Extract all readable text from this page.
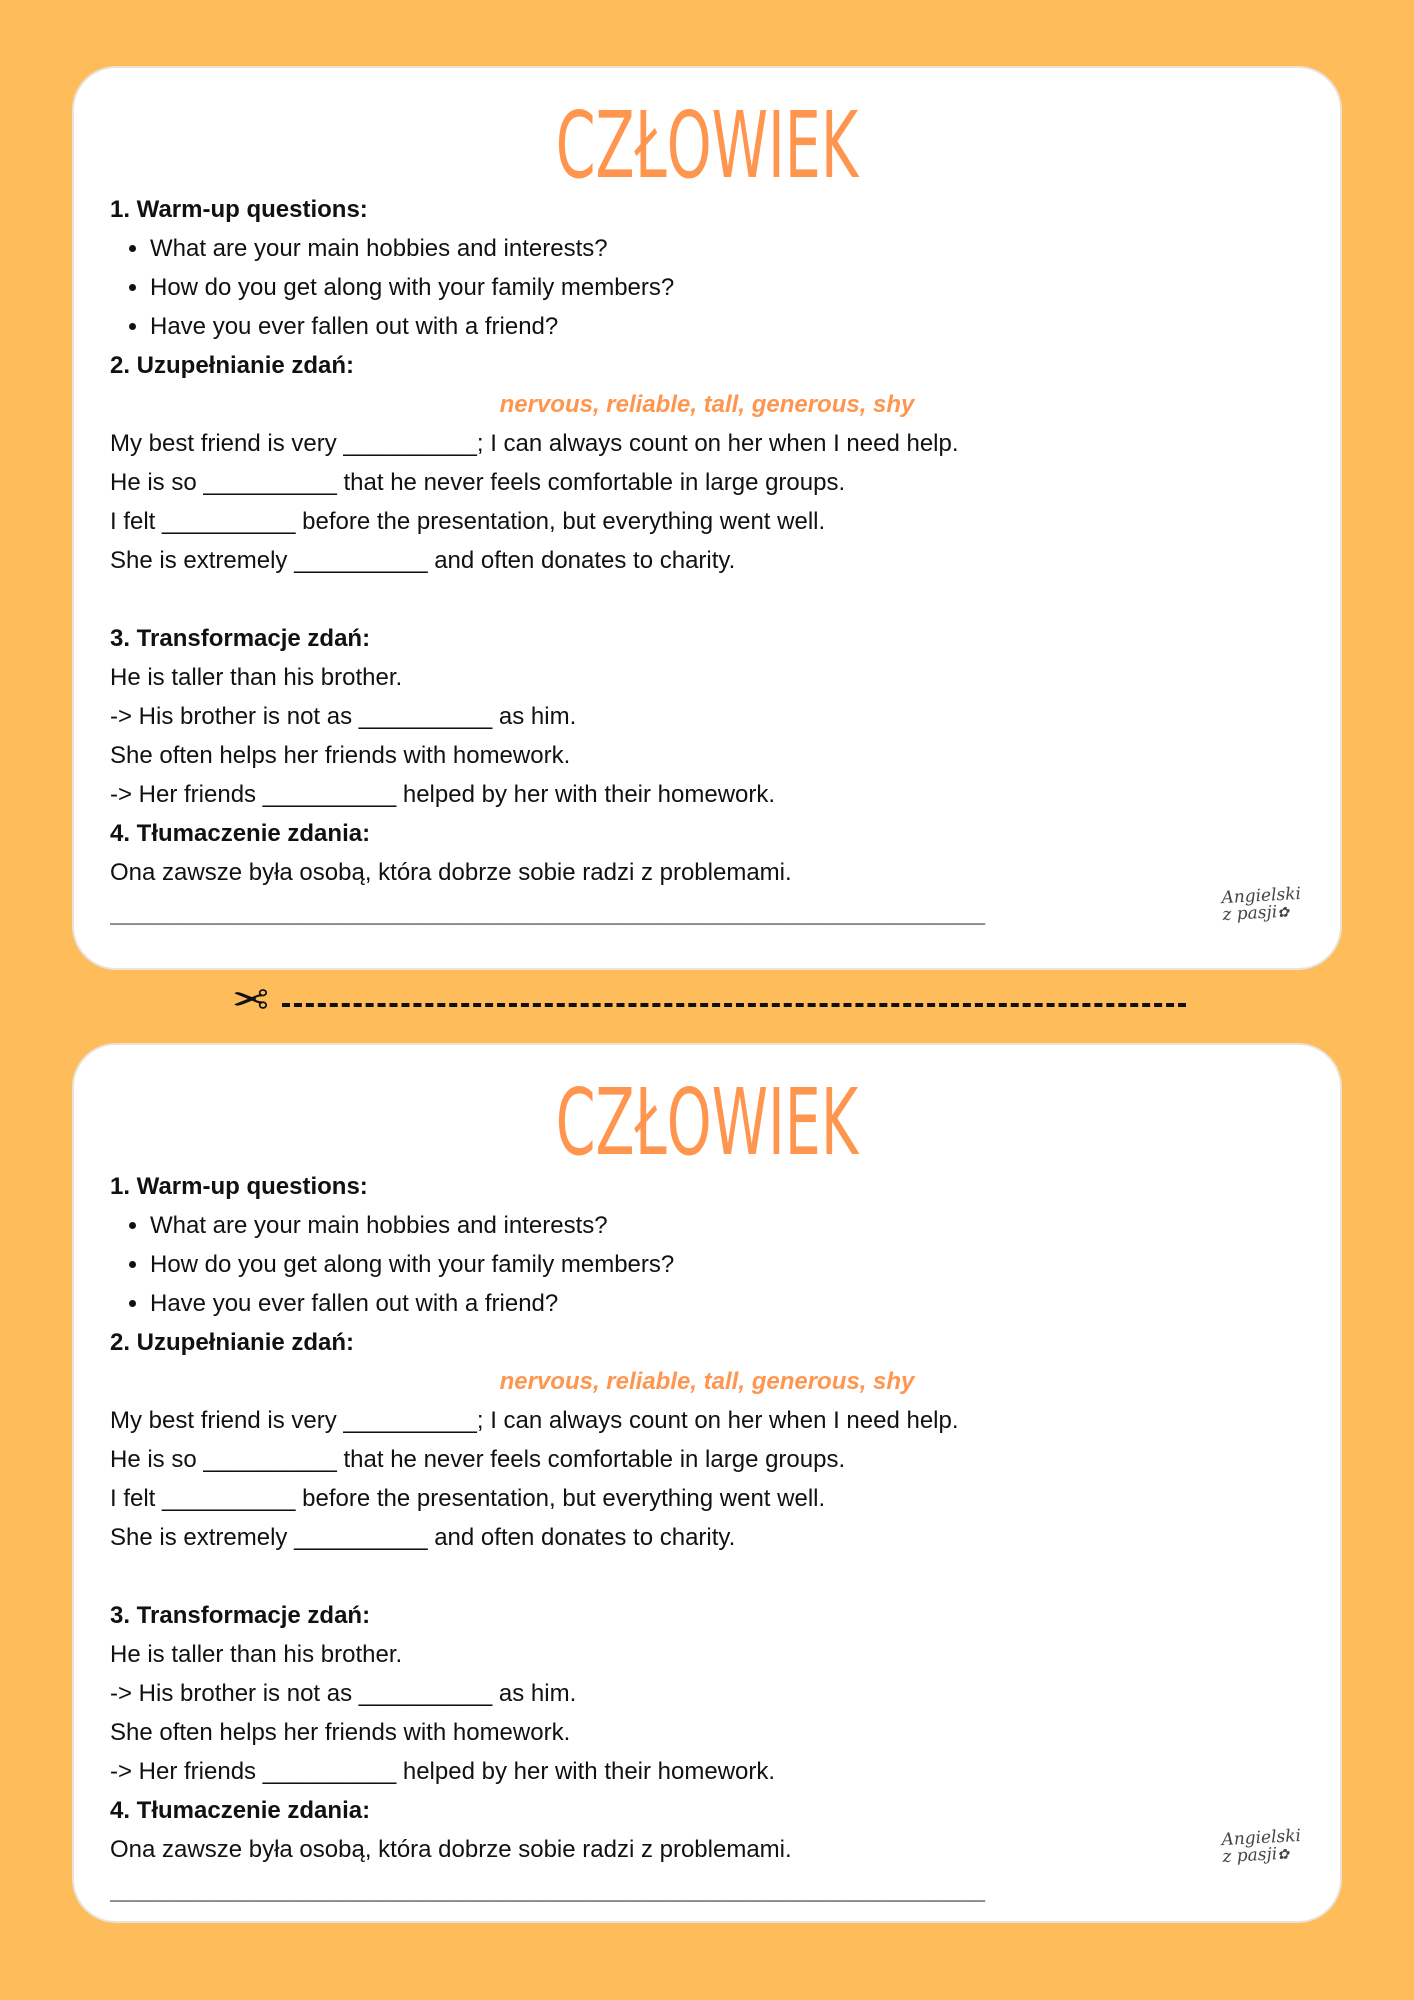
CZŁOWIEK
1. Warm-up questions:
• What are your main hobbies and interests?
• How do you get along with your family members?
• Have you ever fallen out with a friend?
2. Uzupełnianie zdań:
nervous, reliable, tall, generous, shy
My best friend is very __________; I can always count on her when I need help.
He is so __________ that he never feels comfortable in large groups.
I felt __________ before the presentation, but everything went well.
She is extremely __________ and often donates to charity.
3. Transformacje zdań:
He is taller than his brother.
-> His brother is not as __________ as him.
She often helps her friends with homework.
-> Her friends __________ helped by her with their homework.
4. Tłumaczenie zdania:
Ona zawsze była osobą, która dobrze sobie radzi z problemami.
_________________________________________________________________
Angielski
z pasji✿
✂
CZŁOWIEK
1. Warm-up questions:
• What are your main hobbies and interests?
• How do you get along with your family members?
• Have you ever fallen out with a friend?
2. Uzupełnianie zdań:
nervous, reliable, tall, generous, shy
My best friend is very __________; I can always count on her when I need help.
He is so __________ that he never feels comfortable in large groups.
I felt __________ before the presentation, but everything went well.
She is extremely __________ and often donates to charity.
3. Transformacje zdań:
He is taller than his brother.
-> His brother is not as __________ as him.
She often helps her friends with homework.
-> Her friends __________ helped by her with their homework.
4. Tłumaczenie zdania:
Ona zawsze była osobą, która dobrze sobie radzi z problemami.
_________________________________________________________________
Angielski
z pasji✿
